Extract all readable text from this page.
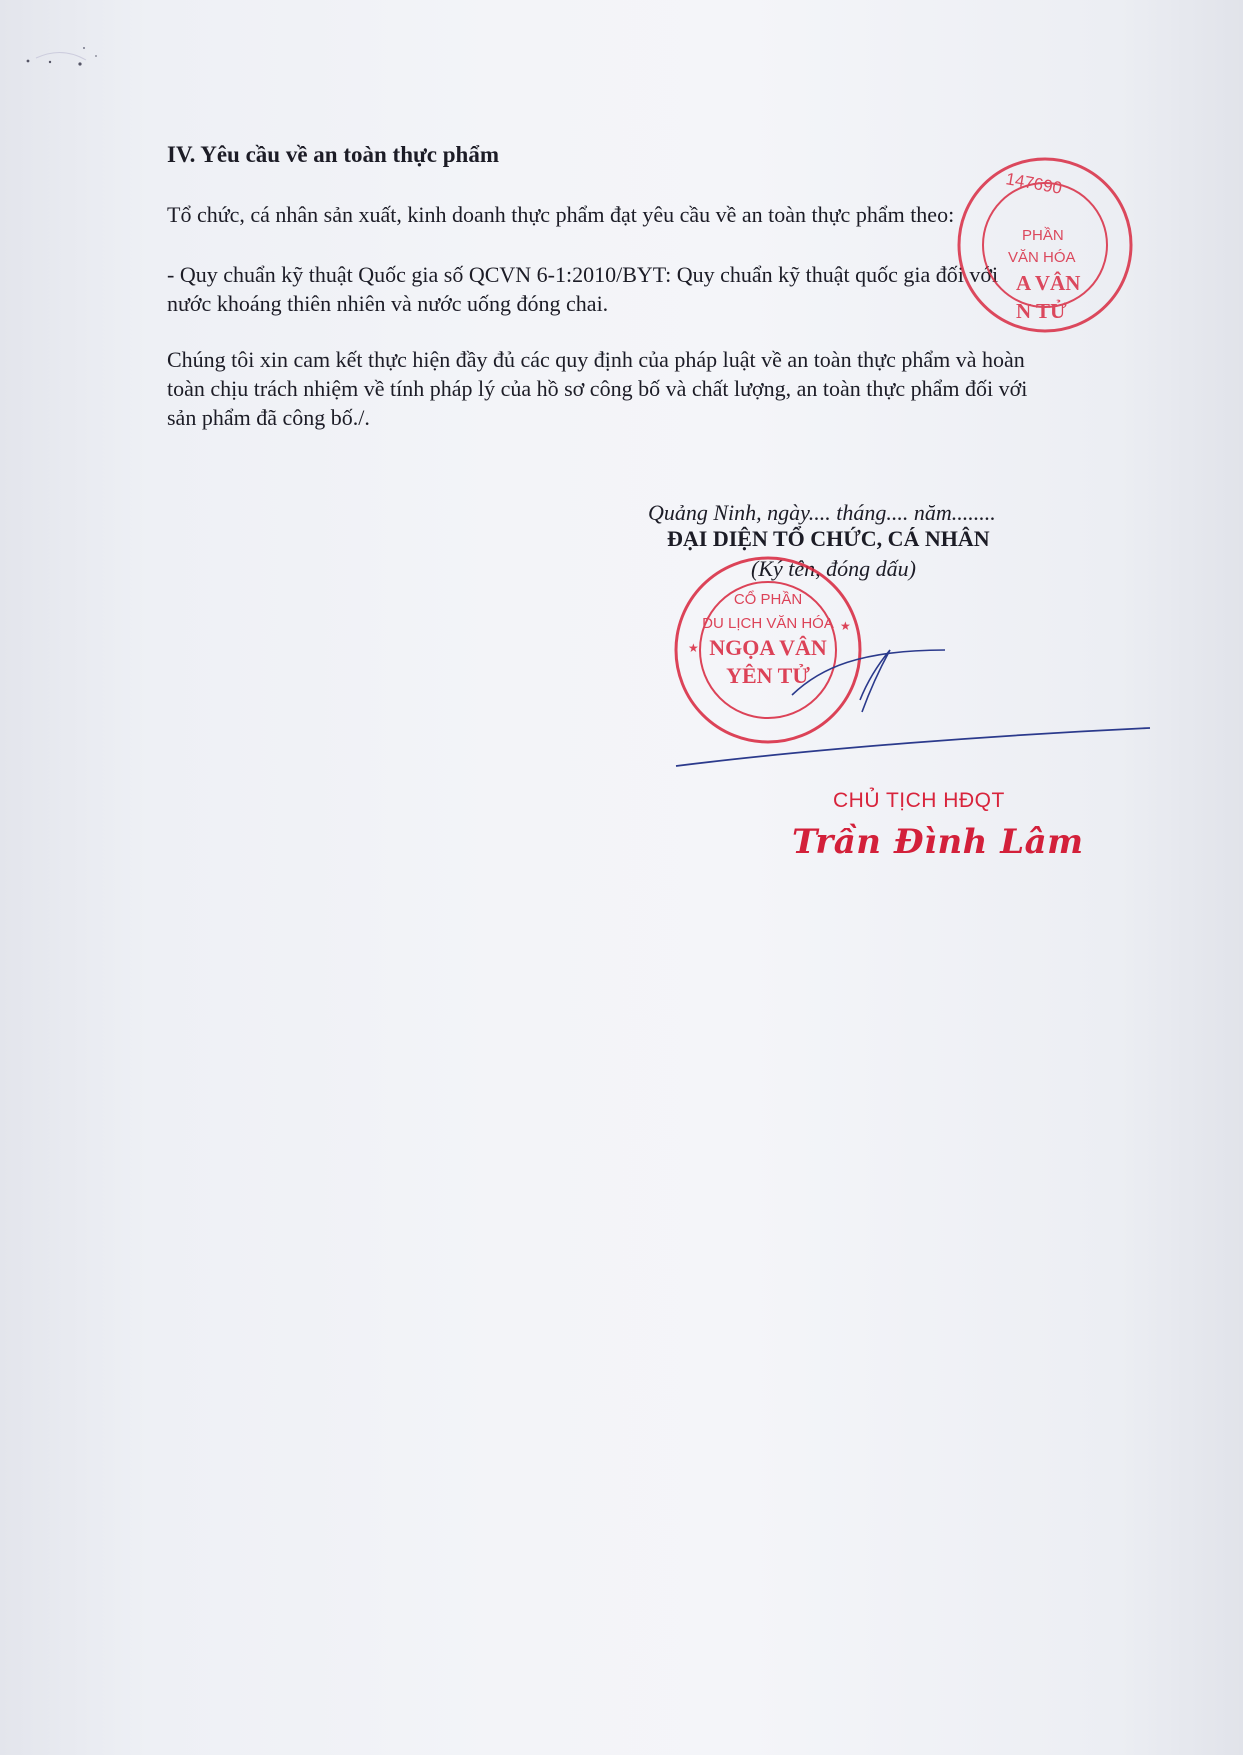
IV. Yêu cầu về an toàn thực phẩm

Tổ chức, cá nhân sản xuất, kinh doanh thực phẩm đạt yêu cầu về an toàn thực phẩm theo:

- Quy chuẩn kỹ thuật Quốc gia số QCVN 6-1:2010/BYT: Quy chuẩn kỹ thuật quốc gia đối với
nước khoáng thiên nhiên và nước uống đóng chai.
Chúng tôi xin cam kết thực hiện đầy đủ các quy định của pháp luật về an toàn thực phẩm và hoàn
toàn chịu trách nhiệm về tính pháp lý của hồ sơ công bố và chất lượng, an toàn thực phẩm đối với
sản phẩm đã công bố./.

Quảng Ninh, ngày.... tháng.... năm........

ĐẠI DIỆN TỔ CHỨC, CÁ NHÂN

(Ký tên, đóng dấu)

147690
PHẦN
VĂN HÓA
A VÂN
N TỬ
CỔ PHẦN
DU LỊCH VĂN HÓA
NGỌA VÂN
YÊN TỬ
★
★

CHỦ TỊCH HĐQT

Trần Đình Lâm
